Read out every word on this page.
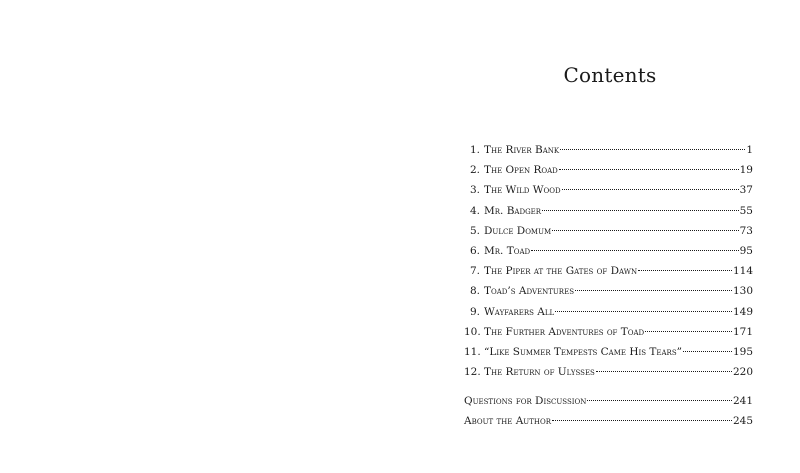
Contents
1. The River Bank	1
2. The Open Road	19
3. The Wild Wood	37
4. Mr. Badger	55
5. Dulce Domum	73
6. Mr. Toad	95
7. The Piper at the Gates of Dawn	114
8. Toad’s Adventures	130
9. Wayfarers All	149
10. The Further Adventures of Toad	171
11. “Like Summer Tempests Came His Tears”	195
12. The Return of Ulysses	220
Questions for Discussion	241
About the Author	245
